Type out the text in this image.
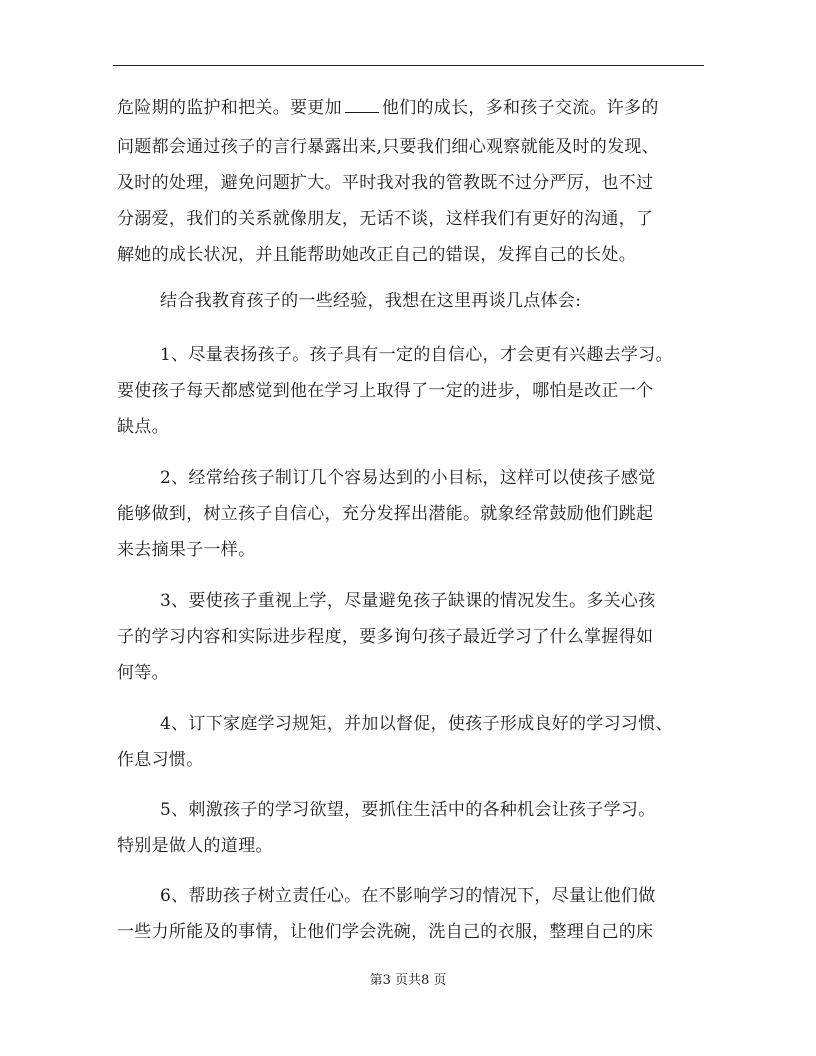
危险期的监护和把关。要更加 他们的成长，多和孩子交流。许多的
问题都会通过孩子的言行暴露出来,只要我们细心观察就能及时的发现、
及时的处理，避免问题扩大。平时我对我的管教既不过分严厉，也不过
分溺爱，我们的关系就像朋友，无话不谈，这样我们有更好的沟通，了
解她的成长状况，并且能帮助她改正自己的错误，发挥自己的长处。
结合我教育孩子的一些经验，我想在这里再谈几点体会:
1、尽量表扬孩子。孩子具有一定的自信心，才会更有兴趣去学习。
要使孩子每天都感觉到他在学习上取得了一定的进步，哪怕是改正一个
缺点。
2、经常给孩子制订几个容易达到的小目标，这样可以使孩子感觉
能够做到，树立孩子自信心，充分发挥出潜能。就象经常鼓励他们跳起
来去摘果子一样。
3、要使孩子重视上学，尽量避免孩子缺课的情况发生。多关心孩
子的学习内容和实际进步程度，要多询句孩子最近学习了什么掌握得如
何等。
4、订下家庭学习规矩，并加以督促，使孩子形成良好的学习习惯、
作息习惯。
5、刺激孩子的学习欲望，要抓住生活中的各种机会让孩子学习。
特别是做人的道理。
6、帮助孩子树立责任心。在不影响学习的情况下，尽量让他们做
一些力所能及的事情，让他们学会洗碗，洗自己的衣服，整理自己的床
第3 页共8 页
